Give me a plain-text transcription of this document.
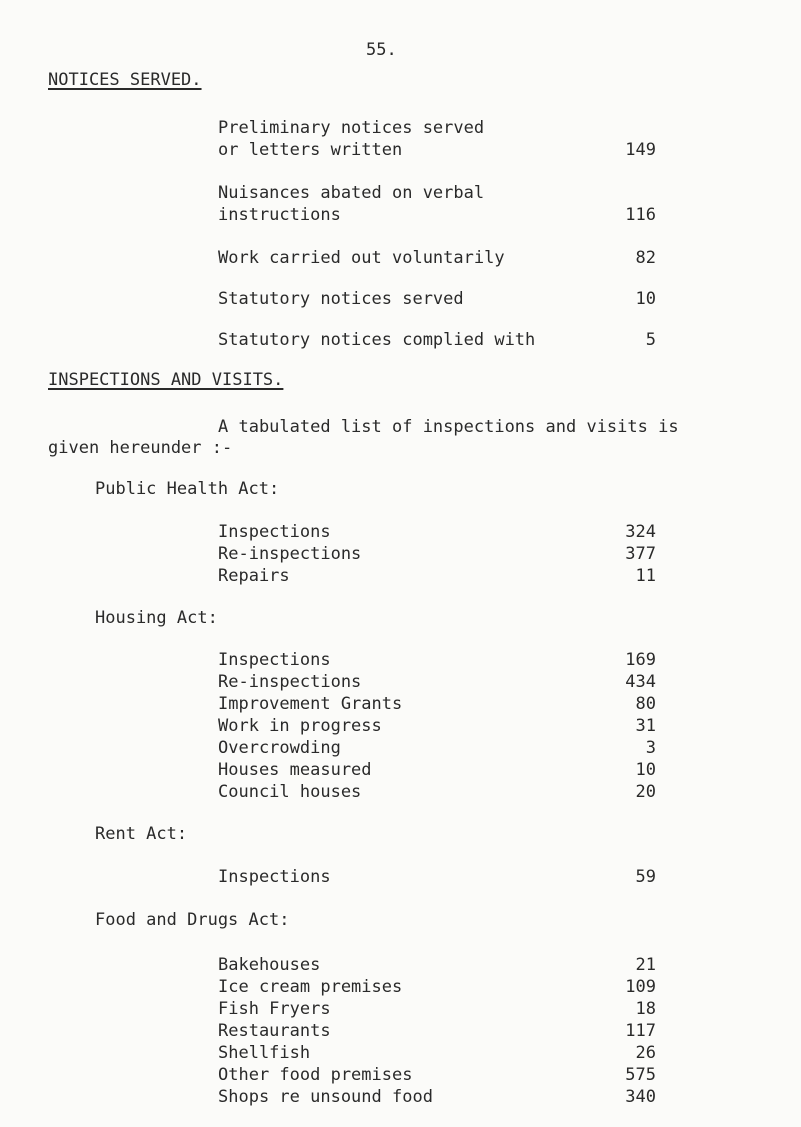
55.
NOTICES SERVED.
Preliminary notices served
or letters written	149
Nuisances abated on verbal
instructions	116
Work carried out voluntarily	82
Statutory notices served	10
Statutory notices complied with	5
INSPECTIONS AND VISITS.
A tabulated list of inspections and visits is
given hereunder :-
Public Health Act:
Inspections	324
Re-inspections	377
Repairs	11
Housing Act:
Inspections	169
Re-inspections	434
Improvement Grants	80
Work in progress	31
Overcrowding	3
Houses measured	10
Council houses	20
Rent Act:
Inspections	59
Food and Drugs Act:
Bakehouses	21
Ice cream premises	109
Fish Fryers	18
Restaurants	117
Shellfish	26
Other food premises	575
Shops re unsound food	340
